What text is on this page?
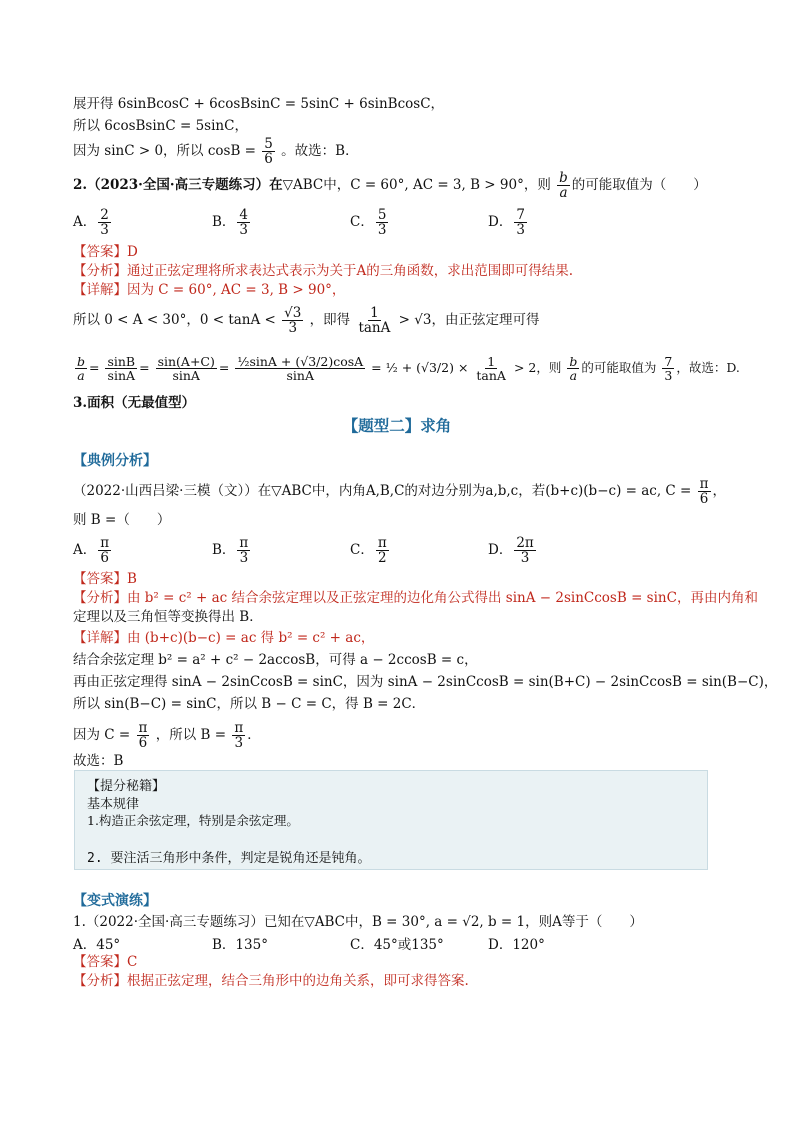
展开得 6sinBcosC + 6cosBsinC = 5sinC + 6sinBcosC，
所以 6cosBsinC = 5sinC，
因为 sinC > 0，所以 $\cos B = \frac{5}{6}$ 。故选：B．
2.（2023·全国·高三专题练习）在▽ABC中，C = 60°, AC = 3, B > 90°，则 $\frac{b}{a}$ 的可能取值为（　　）
A． $\frac{2}{3}$	B． $\frac{4}{3}$	C． $\frac{5}{3}$	D． $\frac{7}{3}$
【答案】D
【分析】通过正弦定理将所求表达式表示为关于A的三角函数，求出范围即可得结果.
【详解】因为 C = 60°, AC = 3, B > 90°，
所以 0 < A < 30°，$0 < \tan A < \frac{√3}{3}$ ，即得 $\frac{1}{\tan A} > √3$，由正弦定理可得
$\frac{b}{a} = \frac{\sin B}{\sin A} = \frac{\sin(A+C)}{\sin A} = \frac{\text{½sinA + (√3/2)cosA}}{\sin A}$ = ½ + $(√3/2) \times \frac{1}{\tan A} > 2$，则 $\frac{b}{a}$ 的可能取值为 $\frac{7}{3}$ ，故选：D.
3.面积（无最值型）
【题型二】求角
【典例分析】
（2022·山西吕梁·三模（文））在▽ABC中，内角A,B,C的对边分别为a,b,c，若(b+c)(b−c) = ac, $C = \frac{\pi}{6}$ ，
则 B =（　　）
A． $\frac{\pi}{6}$	B． $\frac{\pi}{3}$	C． $\frac{\pi}{2}$	D． $\frac{2\pi}{3}$
【答案】B
【分析】由 b² = c² + ac 结合余弦定理以及正弦定理的边化角公式得出 sinA − 2sinCcosB = sinC，再由内角和
定理以及三角恒等变换得出 B．
【详解】由 (b+c)(b−c) = ac 得 b² = c² + ac，
结合余弦定理 b² = a² + c² − 2accosB，可得 a − 2ccosB = c，
再由正弦定理得 sinA − 2sinCcosB = sinC，因为 sinA − 2sinCcosB = sin(B+C) − 2sinCcosB = sin(B−C)，
所以 sin(B−C) = sinC，所以 B − C = C，得 B = 2C．
因为 $C = \frac{\pi}{6}$ ，所以 $B = \frac{\pi}{3}$ ．
故选：B
【提分秘籍】
基本规律
1.构造正余弦定理，特别是余弦定理。
2. 要注活三角形中条件，判定是锐角还是钝角。
【变式演练】
1.（2022·全国·高三专题练习）已知在▽ABC中，B = 30°, a = √2, b = 1，则A等于（　　）
A．45°	B．135°	C．45°或135°	D．120°
【答案】C
【分析】根据正弦定理，结合三角形中的边角关系，即可求得答案.
